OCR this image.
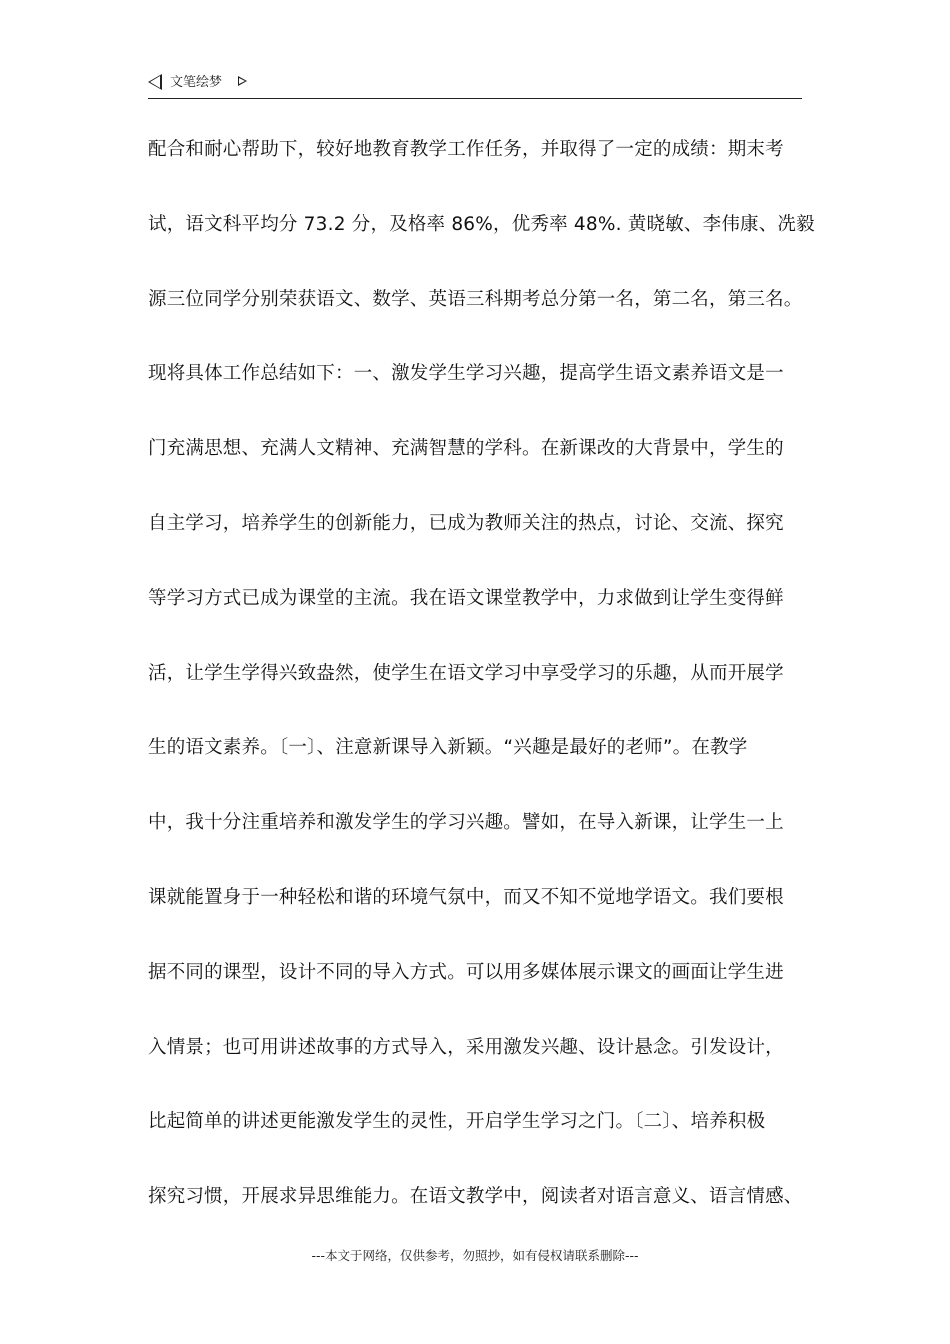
文笔绘梦
配合和耐心帮助下，较好地教育教学工作任务，并取得了一定的成绩：期末考
试，语文科平均分 73.2 分，及格率 86%，优秀率 48%. 黄晓敏、李伟康、冼毅
源三位同学分别荣获语文、数学、英语三科期考总分第一名，第二名，第三名。
现将具体工作总结如下：一、激发学生学习兴趣，提高学生语文素养语文是一
门充满思想、充满人文精神、充满智慧的学科。在新课改的大背景中，学生的
自主学习，培养学生的创新能力，已成为教师关注的热点，讨论、交流、探究
等学习方式已成为课堂的主流。我在语文课堂教学中，力求做到让学生变得鲜
活，让学生学得兴致盎然，使学生在语文学习中享受学习的乐趣，从而开展学
生的语文素养。〔一〕、注意新课导入新颖。“兴趣是最好的老师”。在教学
中，我十分注重培养和激发学生的学习兴趣。譬如，在导入新课，让学生一上
课就能置身于一种轻松和谐的环境气氛中，而又不知不觉地学语文。我们要根
据不同的课型，设计不同的导入方式。可以用多媒体展示课文的画面让学生进
入情景；也可用讲述故事的方式导入，采用激发兴趣、设计悬念。引发设计，
比起简单的讲述更能激发学生的灵性，开启学生学习之门。〔二〕、培养积极
探究习惯，开展求异思维能力。在语文教学中，阅读者对语言意义、语言情感、
---本文于网络，仅供参考，勿照抄，如有侵权请联系删除---
